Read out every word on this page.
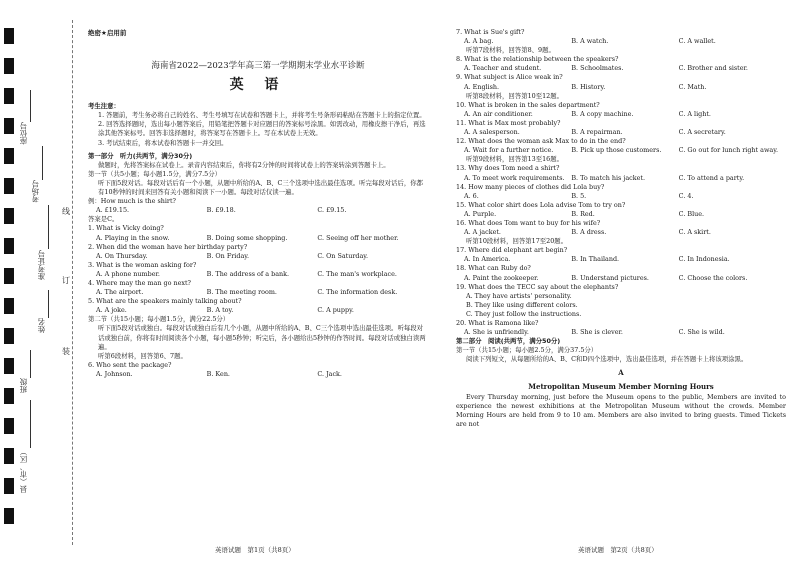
座位号
考场号
准考证号
姓名
班级
县（市、区）
线
订
装
绝密★启用前
海南省2022—2023学年高三第一学期期末学业水平诊断
英 语
考生注意：
1. 答题前，考生务必将自己的姓名、考生号填写在试卷和答题卡上，并将考生号条形码粘贴在答题卡上的指定位置。
2. 回答选择题时，选出每小题答案后，用铅笔把答题卡对应题目的答案标号涂黑。如需改动，用橡皮擦干净后，再选涂其他答案标号。回答非选择题时，将答案写在答题卡上。写在本试卷上无效。
3. 考试结束后，将本试卷和答题卡一并交回。
第一部分　听力(共两节，满分30分)
做题时，先将答案标在试卷上。录音内容结束后，你将有2分钟的时间将试卷上的答案转涂到答题卡上。
第一节（共5小题；每小题1.5分，满分7.5分）
听下面5段对话。每段对话后有一个小题，从题中所给的A、B、C三个选项中选出最佳选项。听完每段对话后，你都有10秒钟的时间来回答有关小题和阅读下一小题。每段对话仅读一遍。
例：How much is the shirt?
A. £19.15.	B. £9.18.	C. £9.15.
答案是C。
1. What is Vicky doing?
A. Playing in the snow.	B. Doing some shopping.	C. Seeing off her mother.
2. When did the woman have her birthday party?
A. On Thursday.	B. On Friday.	C. On Saturday.
3. What is the woman asking for?
A. A phone number.	B. The address of a bank.	C. The man's workplace.
4. Where may the man go next?
A. The airport.	B. The meeting room.	C. The information desk.
5. What are the speakers mainly talking about?
A. A joke.	B. A toy.	C. A puppy.
第二节（共15小题；每小题1.5分，满分22.5分）
听下面5段对话或独白。每段对话或独白后有几个小题，从题中所给的A、B、C三个选项中选出最佳选项。听每段对话或独白前，你将有时间阅读各个小题，每小题5秒钟；听完后，各小题给出5秒钟的作答时间。每段对话或独白读两遍。
听第6段材料，回答第6、7题。
6. Who sent the package?
A. Johnson.	B. Ken.	C. Jack.
7. What is Sue's gift?
A. A bag.	B. A watch.	C. A wallet.
听第7段材料，回答第8、9题。
8. What is the relationship between the speakers?
A. Teacher and student.	B. Schoolmates.	C. Brother and sister.
9. What subject is Alice weak in?
A. English.	B. History.	C. Math.
听第8段材料，回答第10至12题。
10. What is broken in the sales department?
A. An air conditioner.	B. A copy machine.	C. A light.
11. What is Max most probably?
A. A salesperson.	B. A repairman.	C. A secretary.
12. What does the woman ask Max to do in the end?
A. Wait for a further notice.	B. Pick up those customers.	C. Go out for lunch right away.
听第9段材料，回答第13至16题。
13. Why does Tom need a shirt?
A. To meet work requirements.	B. To match his jacket.	C. To attend a party.
14. How many pieces of clothes did Lola buy?
A. 6.	B. 5.	C. 4.
15. What color shirt does Lola advise Tom to try on?
A. Purple.	B. Red.	C. Blue.
16. What does Tom want to buy for his wife?
A. A jacket.	B. A dress.	C. A skirt.
听第10段材料，回答第17至20题。
17. Where did elephant art begin?
A. In America.	B. In Thailand.	C. In Indonesia.
18. What can Ruby do?
A. Paint the zookeeper.	B. Understand pictures.	C. Choose the colors.
19. What does the TECC say about the elephants?
A. They have artists' personality.
B. They like using different colors.
C. They just follow the instructions.
20. What is Ramona like?
A. She is unfriendly.	B. She is clever.	C. She is wild.
第二部分　阅读(共两节，满分50分)
第一节（共15小题；每小题2.5分，满分37.5分）
阅读下列短文，从每题所给的A、B、C和D四个选项中，选出最佳选项，并在答题卡上将该项涂黑。
A
Metropolitan Museum Member Morning Hours
Every Thursday morning, just before the Museum opens to the public, Members are invited to experience the newest exhibitions at the Metropolitan Museum without the crowds. Member Morning Hours are held from 9 to 10 am. Members are also invited to bring guests. Timed Tickets are not
英语试题　第1页（共8页）	英语试题　第2页（共8页）
